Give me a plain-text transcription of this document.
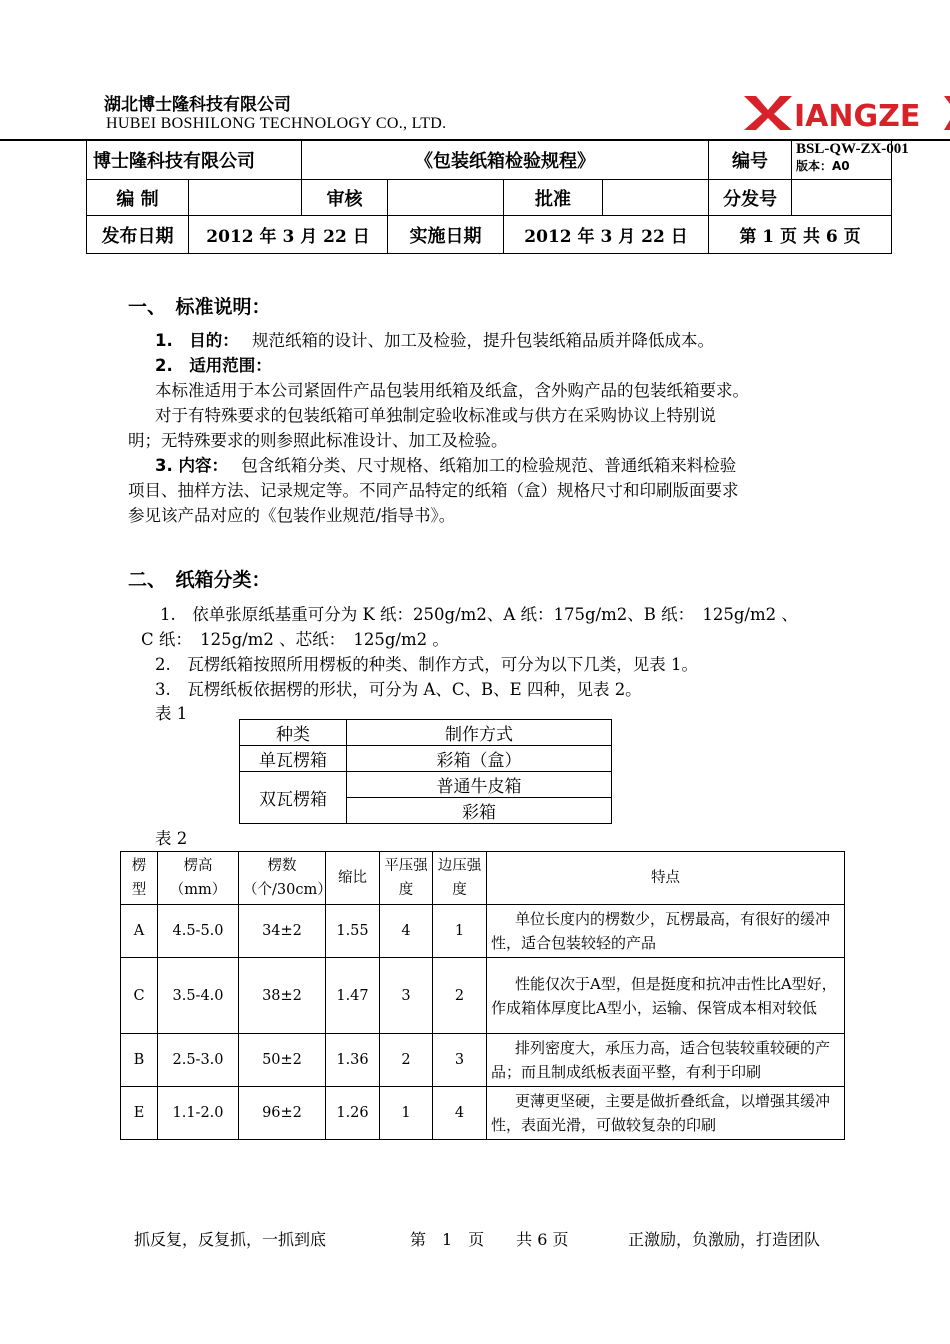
湖北博士隆科技有限公司
HUBEI BOSHILONG TECHNOLOGY CO., LTD.	IANGZE
博士隆科技有限公司		《包装纸箱检验规程》				编号	BSL-QW-ZX-001
版本：A0

编 制		审核		批准		分发号	
发布日期	2012 年 3 月 22 日		实施日期	2012 年 3 月 22 日		第 1 页 共 6 页	
一、　标准说明：
1.　目的： 规范纸箱的设计、加工及检验，提升包装纸箱品质并降低成本。
2.　适用范围：
本标准适用于本公司紧固件产品包装用纸箱及纸盒，含外购产品的包装纸箱要求。
对于有特殊要求的包装纸箱可单独制定验收标准或与供方在采购协议上特别说
明；无特殊要求的则参照此标准设计、加工及检验。
3. 内容： 包含纸箱分类、尺寸规格、纸箱加工的检验规范、普通纸箱来料检验
项目、抽样方法、记录规定等。不同产品特定的纸箱（盒）规格尺寸和印刷版面要求
参见该产品对应的《包装作业规范/指导书》。
二、　纸箱分类：
1.　依单张原纸基重可分为 K 纸：250g/m2、A 纸：175g/m2、B 纸：　125g/m2 、
C 纸：　125g/m2 、芯纸：　125g/m2 。
2.　瓦楞纸箱按照所用楞板的种类、制作方式，可分为以下几类，见表 1。
3.　瓦楞纸板依据楞的形状，可分为 A、C、B、E 四种，见表 2。
表 1
种类	制作方式
单瓦楞箱	彩箱（盒）
双瓦楞箱	普通牛皮箱
	彩箱
表 2
楞型	楞高（mm）	楞数（个/30cm）	缩比	平压强度	边压强度	特点
A	4.5-5.0	34±2	1.55	4	1	单位长度内的楞数少，瓦楞最高，有很好的缓冲性，适合包装较轻的产品
C	3.5-4.0	38±2	1.47	3	2	性能仅次于A型，但是挺度和抗冲击性比A型好，作成箱体厚度比A型小，运输、保管成本相对较低
B	2.5-3.0	50±2	1.36	2	3	排列密度大，承压力高，适合包装较重较硬的产品；而且制成纸板表面平整，有利于印刷
E	1.1-2.0	96±2	1.26	1	4	更薄更坚硬，主要是做折叠纸盒，以增强其缓冲性，表面光滑，可做较复杂的印刷
抓反复，反复抓，一抓到底	第　1　页　　共 6 页	正激励，负激励，打造团队
